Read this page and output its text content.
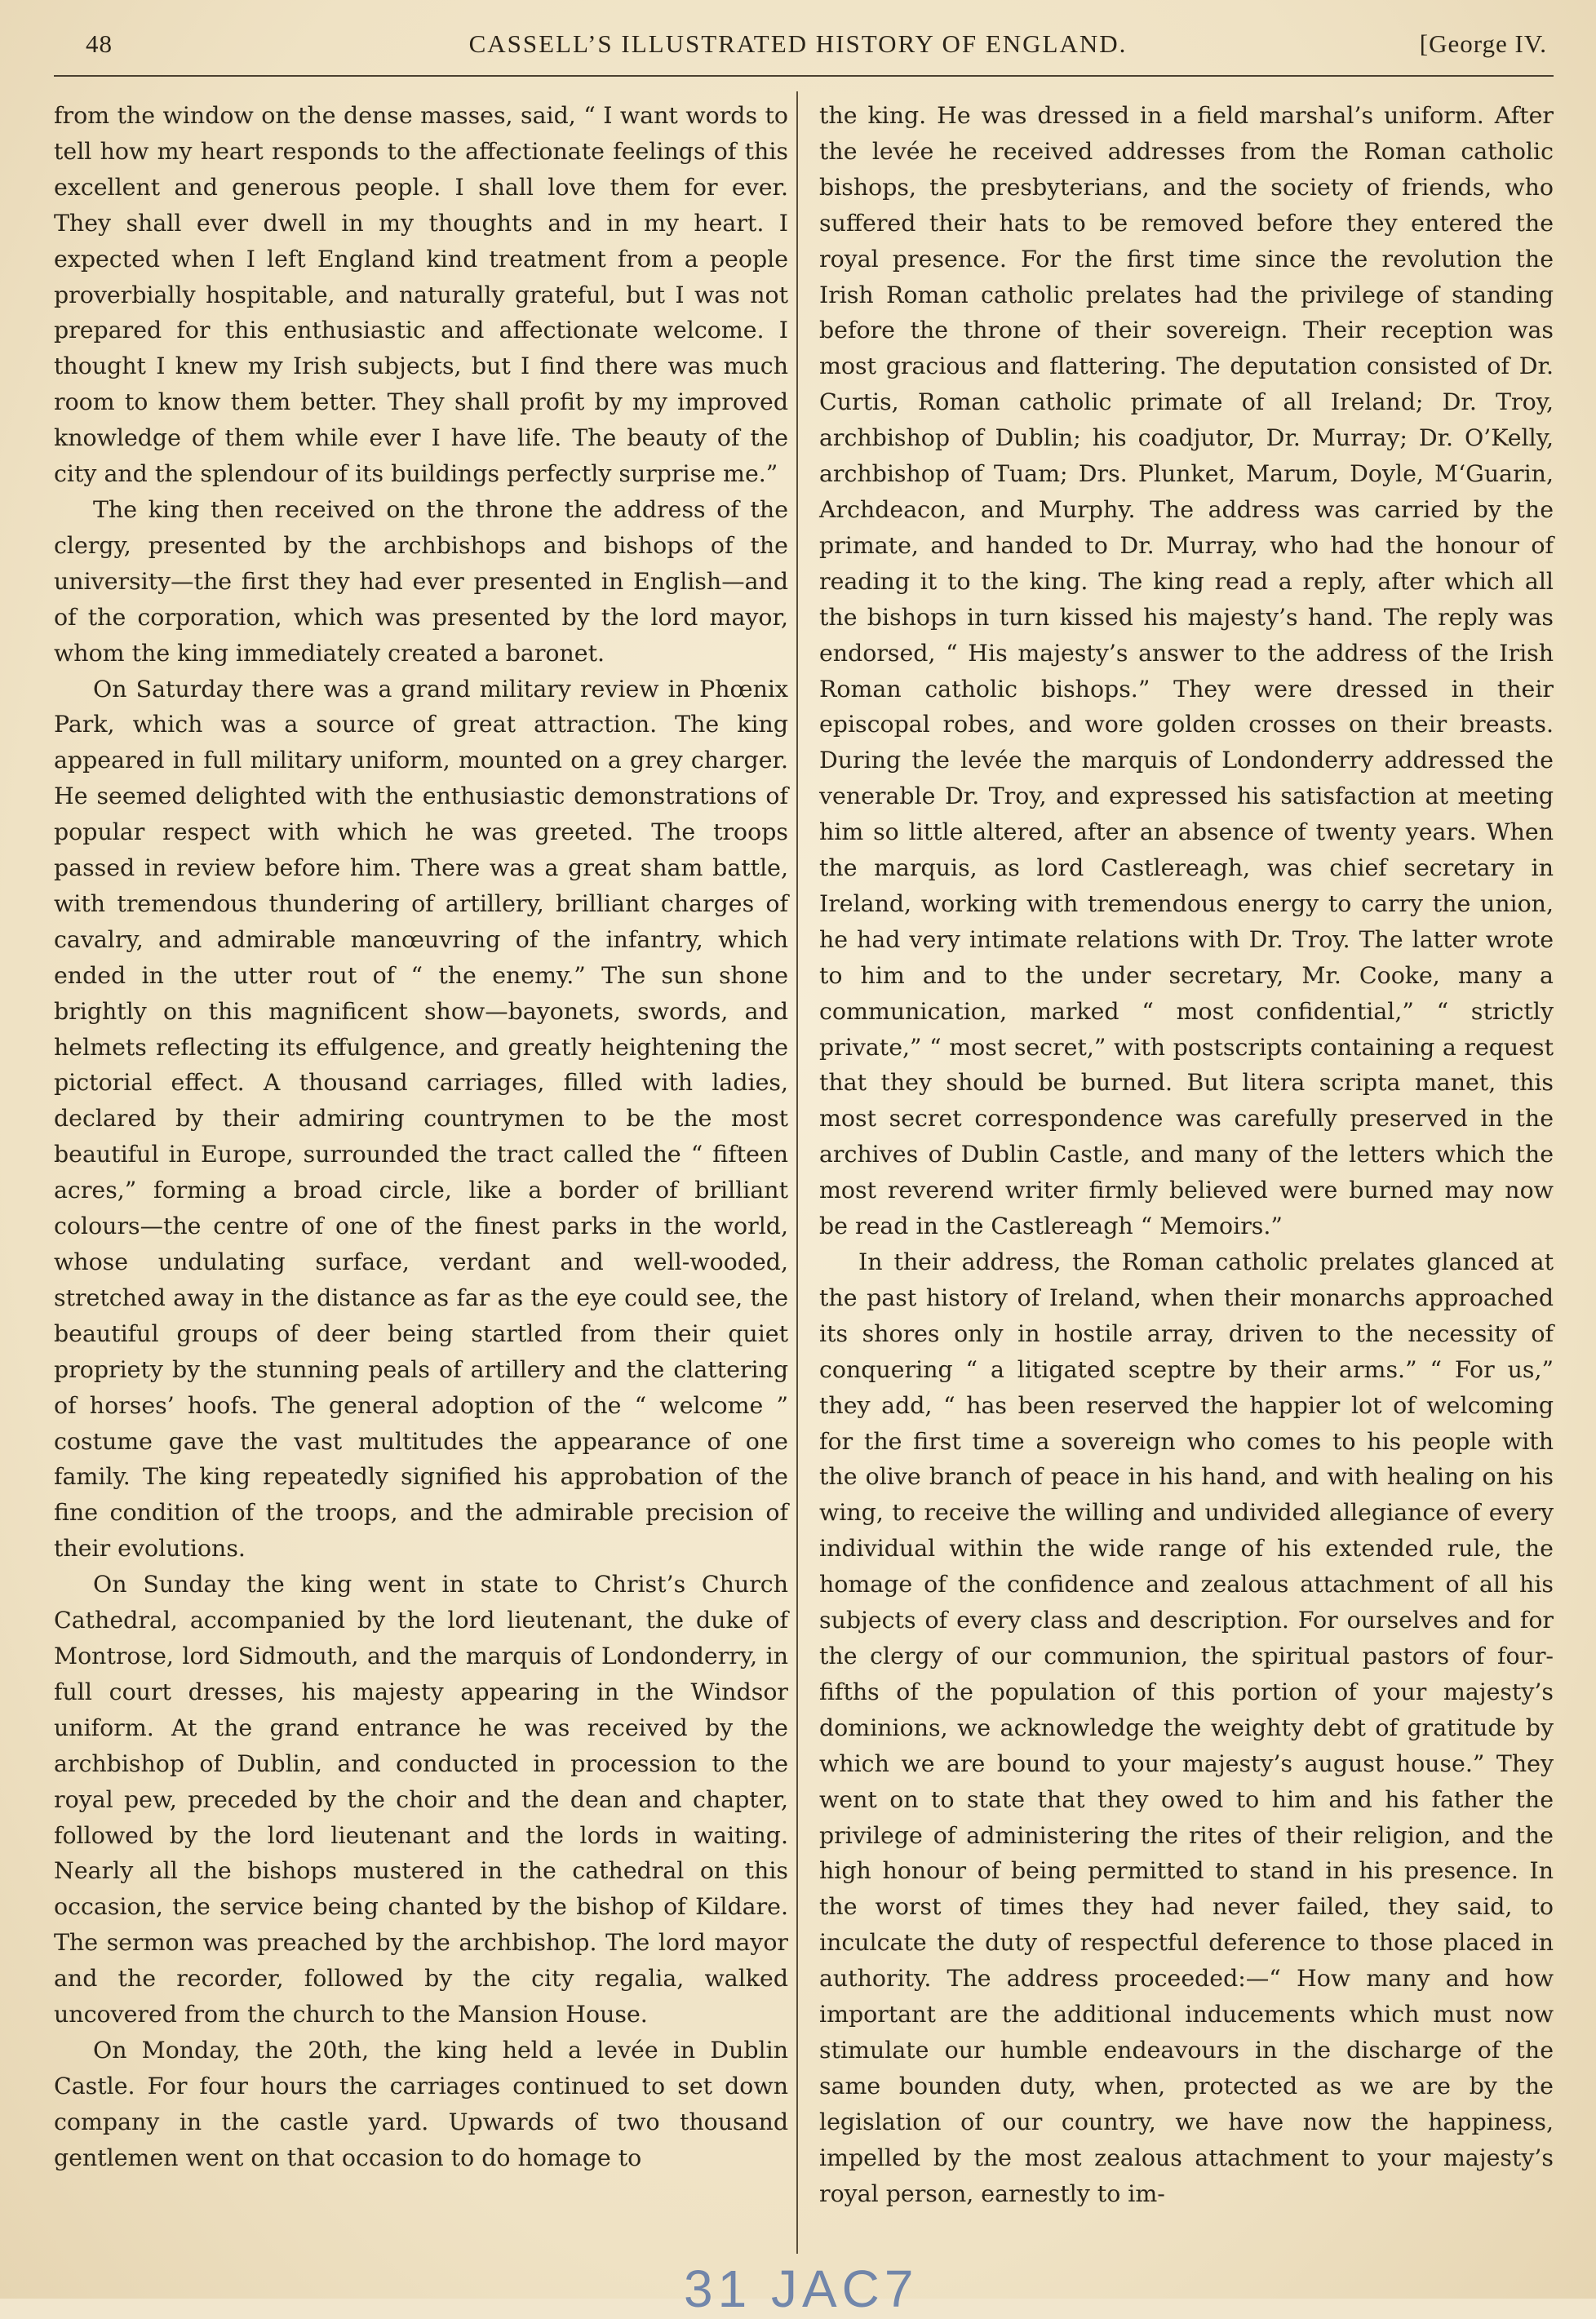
48	CASSELL’S ILLUSTRATED HISTORY OF ENGLAND.	[George IV.

from the window on the dense masses, said, “ I want words to tell how my heart responds to the affectionate feelings of this excellent and generous people. I shall love them for ever. They shall ever dwell in my thoughts and in my heart. I expected when I left England kind treatment from a people proverbially hospitable, and naturally grateful, but I was not prepared for this enthusiastic and affectionate welcome. I thought I knew my Irish subjects, but I find there was much room to know them better. They shall profit by my improved knowledge of them while ever I have life. The beauty of the city and the splendour of its buildings perfectly surprise me.”

The king then received on the throne the address of the clergy, presented by the archbishops and bishops of the university—the first they had ever presented in English—and of the corporation, which was presented by the lord mayor, whom the king immediately created a baronet.

On Saturday there was a grand military review in Phœnix Park, which was a source of great attraction. The king appeared in full military uniform, mounted on a grey charger. He seemed delighted with the enthusiastic demonstrations of popular respect with which he was greeted. The troops passed in review before him. There was a great sham battle, with tremendous thundering of artillery, brilliant charges of cavalry, and admirable manœuvring of the infantry, which ended in the utter rout of “ the enemy.” The sun shone brightly on this magnificent show—bayonets, swords, and helmets reflecting its effulgence, and greatly heightening the pictorial effect. A thousand carriages, filled with ladies, declared by their admiring countrymen to be the most beautiful in Europe, surrounded the tract called the “ fifteen acres,” forming a broad circle, like a border of brilliant colours—the centre of one of the finest parks in the world, whose undulating surface, verdant and well-wooded, stretched away in the distance as far as the eye could see, the beautiful groups of deer being startled from their quiet propriety by the stunning peals of artillery and the clattering of horses’ hoofs. The general adoption of the “ welcome ” costume gave the vast multitudes the appearance of one family. The king repeatedly signified his approbation of the fine condition of the troops, and the admirable precision of their evolutions.

On Sunday the king went in state to Christ’s Church Cathedral, accompanied by the lord lieutenant, the duke of Montrose, lord Sidmouth, and the marquis of Londonderry, in full court dresses, his majesty appearing in the Windsor uniform. At the grand entrance he was received by the archbishop of Dublin, and conducted in procession to the royal pew, preceded by the choir and the dean and chapter, followed by the lord lieutenant and the lords in waiting. Nearly all the bishops mustered in the cathedral on this occasion, the service being chanted by the bishop of Kildare. The sermon was preached by the archbishop. The lord mayor and the recorder, followed by the city regalia, walked uncovered from the church to the Mansion House.

On Monday, the 20th, the king held a levée in Dublin Castle. For four hours the carriages continued to set down company in the castle yard. Upwards of two thousand gentlemen went on that occasion to do homage to

the king. He was dressed in a field marshal’s uniform. After the levée he received addresses from the Roman catholic bishops, the presbyterians, and the society of friends, who suffered their hats to be removed before they entered the royal presence. For the first time since the revolution the Irish Roman catholic prelates had the privilege of standing before the throne of their sovereign. Their reception was most gracious and flattering. The deputation consisted of Dr. Curtis, Roman catholic primate of all Ireland; Dr. Troy, archbishop of Dublin; his coadjutor, Dr. Murray; Dr. O’Kelly, archbishop of Tuam; Drs. Plunket, Marum, Doyle, M‘Guarin, Archdeacon, and Murphy. The address was carried by the primate, and handed to Dr. Murray, who had the honour of reading it to the king. The king read a reply, after which all the bishops in turn kissed his majesty’s hand. The reply was endorsed, “ His majesty’s answer to the address of the Irish Roman catholic bishops.” They were dressed in their episcopal robes, and wore golden crosses on their breasts. During the levée the marquis of Londonderry addressed the venerable Dr. Troy, and expressed his satisfaction at meeting him so little altered, after an absence of twenty years. When the marquis, as lord Castlereagh, was chief secretary in Ireland, working with tremendous energy to carry the union, he had very intimate relations with Dr. Troy. The latter wrote to him and to the under secretary, Mr. Cooke, many a communication, marked “ most confidential,” “ strictly private,” “ most secret,” with postscripts containing a request that they should be burned. But litera scripta manet, this most secret correspondence was carefully preserved in the archives of Dublin Castle, and many of the letters which the most reverend writer firmly believed were burned may now be read in the Castlereagh “ Memoirs.”

In their address, the Roman catholic prelates glanced at the past history of Ireland, when their monarchs approached its shores only in hostile array, driven to the necessity of conquering “ a litigated sceptre by their arms.” “ For us,” they add, “ has been reserved the happier lot of welcoming for the first time a sovereign who comes to his people with the olive branch of peace in his hand, and with healing on his wing, to receive the willing and undivided allegiance of every individual within the wide range of his extended rule, the homage of the confidence and zealous attachment of all his subjects of every class and description. For ourselves and for the clergy of our communion, the spiritual pastors of four-fifths of the population of this portion of your majesty’s dominions, we acknowledge the weighty debt of gratitude by which we are bound to your majesty’s august house.” They went on to state that they owed to him and his father the privilege of administering the rites of their religion, and the high honour of being permitted to stand in his presence. In the worst of times they had never failed, they said, to inculcate the duty of respectful deference to those placed in authority. The address proceeded:—“ How many and how important are the additional inducements which must now stimulate our humble endeavours in the discharge of the same bounden duty, when, protected as we are by the legislation of our country, we have now the happiness, impelled by the most zealous attachment to your majesty’s royal person, earnestly to im-

31 JAC7
